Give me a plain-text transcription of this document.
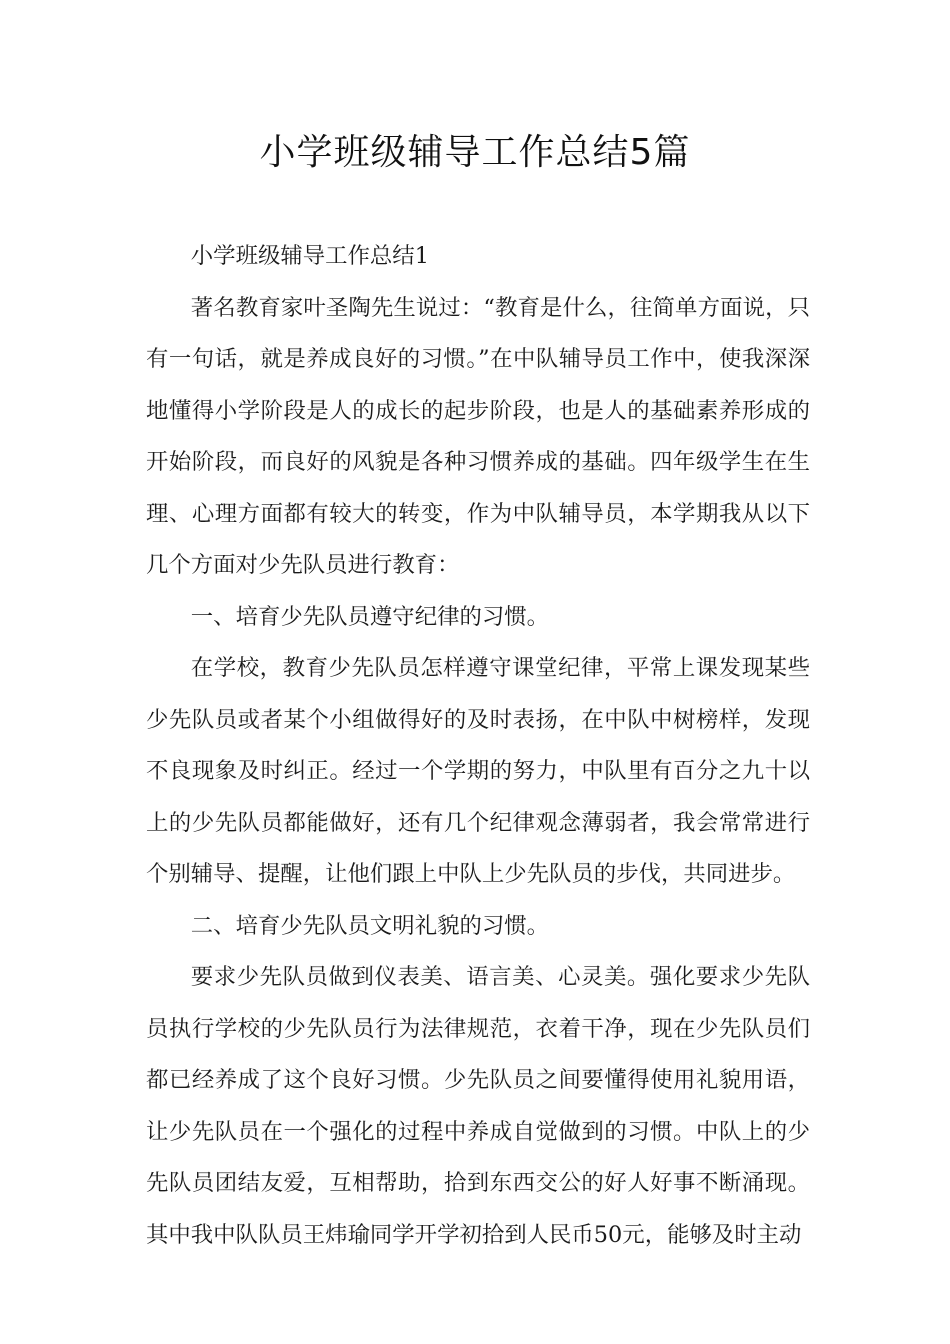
小学班级辅导工作总结5篇

小学班级辅导工作总结1

著名教育家叶圣陶先生说过：“教育是什么，往简单方面说，只有一句话，就是养成良好的习惯。”在中队辅导员工作中，使我深深地懂得小学阶段是人的成长的起步阶段，也是人的基础素养形成的开始阶段，而良好的风貌是各种习惯养成的基础。四年级学生在生理、心理方面都有较大的转变，作为中队辅导员，本学期我从以下几个方面对少先队员进行教育：

一、培育少先队员遵守纪律的习惯。

在学校，教育少先队员怎样遵守课堂纪律，平常上课发现某些少先队员或者某个小组做得好的及时表扬，在中队中树榜样，发现不良现象及时纠正。经过一个学期的努力，中队里有百分之九十以上的少先队员都能做好，还有几个纪律观念薄弱者，我会常常进行个别辅导、提醒，让他们跟上中队上少先队员的步伐，共同进步。

二、培育少先队员文明礼貌的习惯。

要求少先队员做到仪表美、语言美、心灵美。强化要求少先队员执行学校的少先队员行为法律规范，衣着干净，现在少先队员们都已经养成了这个良好习惯。少先队员之间要懂得使用礼貌用语，让少先队员在一个强化的过程中养成自觉做到的习惯。中队上的少先队员团结友爱，互相帮助，拾到东西交公的好人好事不断涌现。其中我中队队员王炜瑜同学开学初拾到人民币50元，能够及时主动
